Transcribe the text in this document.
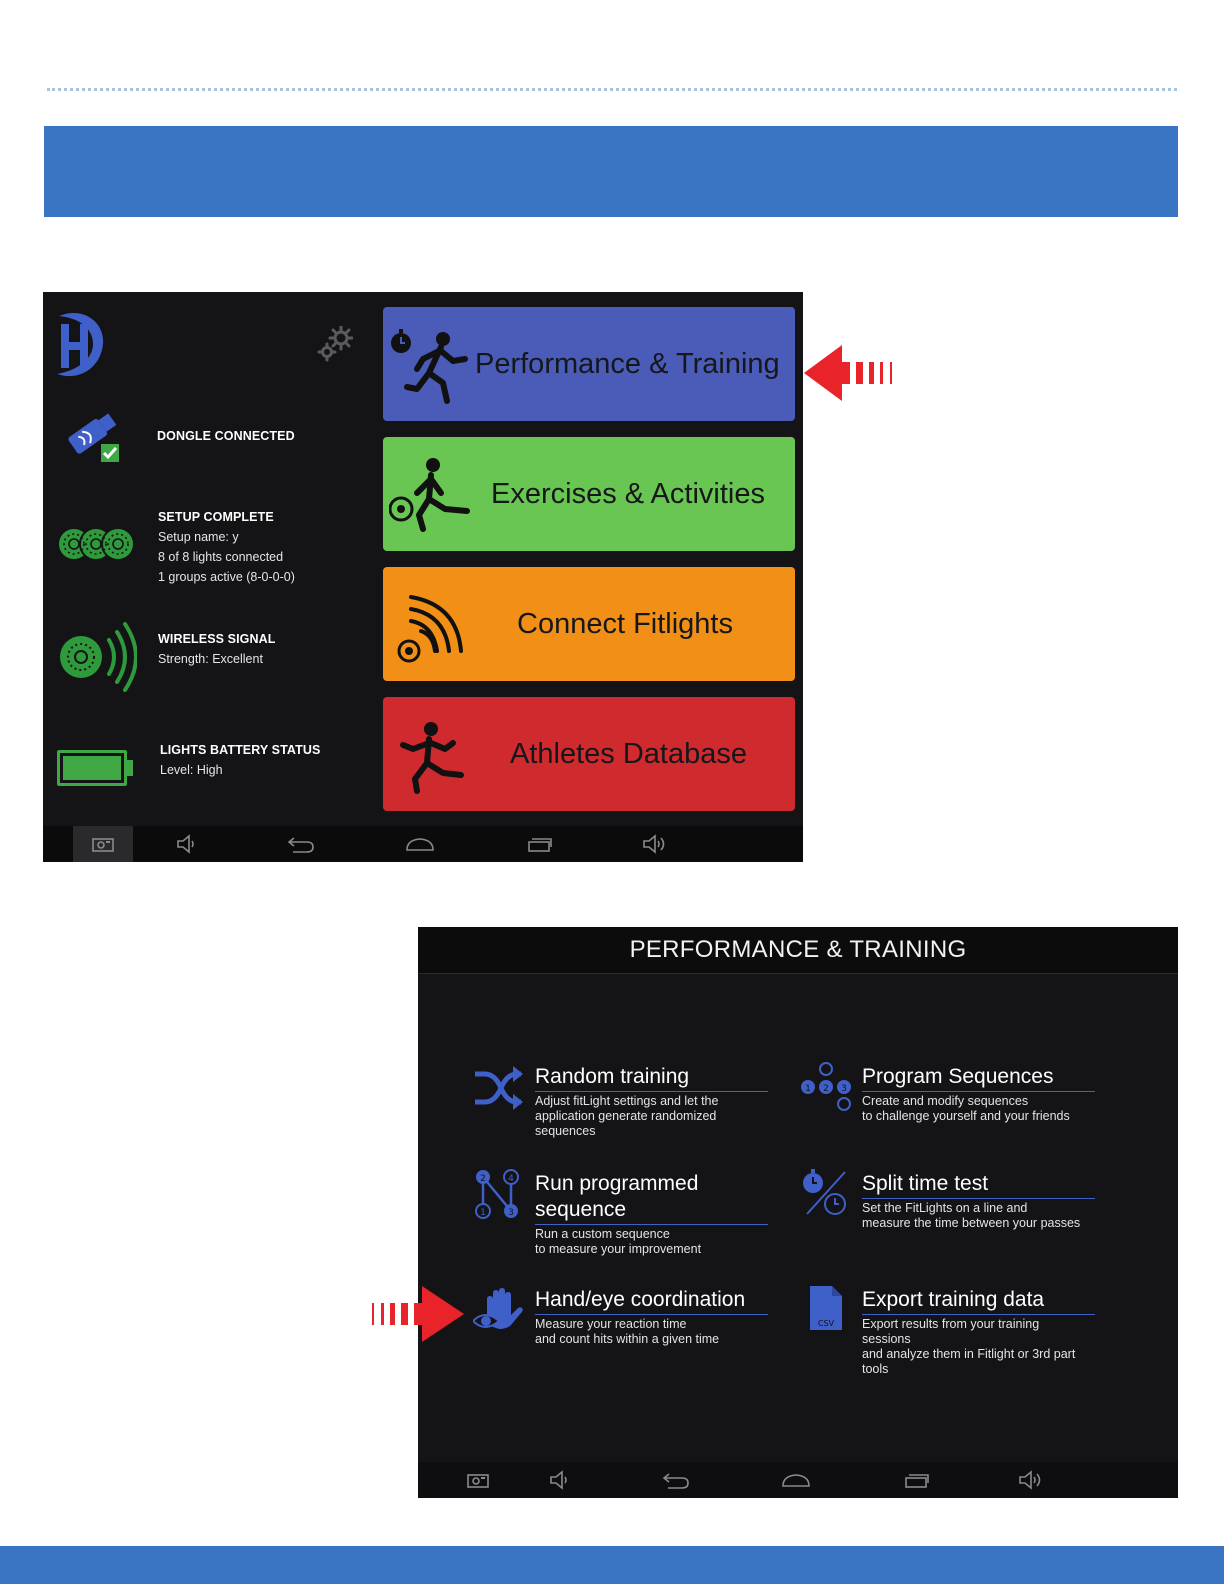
DONGLE CONNECTED
SETUP COMPLETE
Setup name: y
8 of 8 lights connected
1 groups active (8-0-0-0)
WIRELESS SIGNAL
Strength: Excellent
LIGHTS BATTERY STATUS
Level: High
Performance & Training
Exercises & Activities
Connect Fitlights
Athletes Database
PERFORMANCE & TRAINING
Random training
Adjust fitLight settings and let the
application generate randomized
sequences
1 2 3
Program Sequences
Create and modify sequences
to challenge yourself and your friends
2 4
1 3
Run programmed
sequence
Run a custom sequence
to measure your improvement
Split time test
Set the FitLights on a line and
measure the time between your passes
Hand/eye coordination
Measure your reaction time
and count hits within a given time
CSV
Export training data
Export results from your training
sessions
and analyze them in Fitlight or 3rd part
tools
